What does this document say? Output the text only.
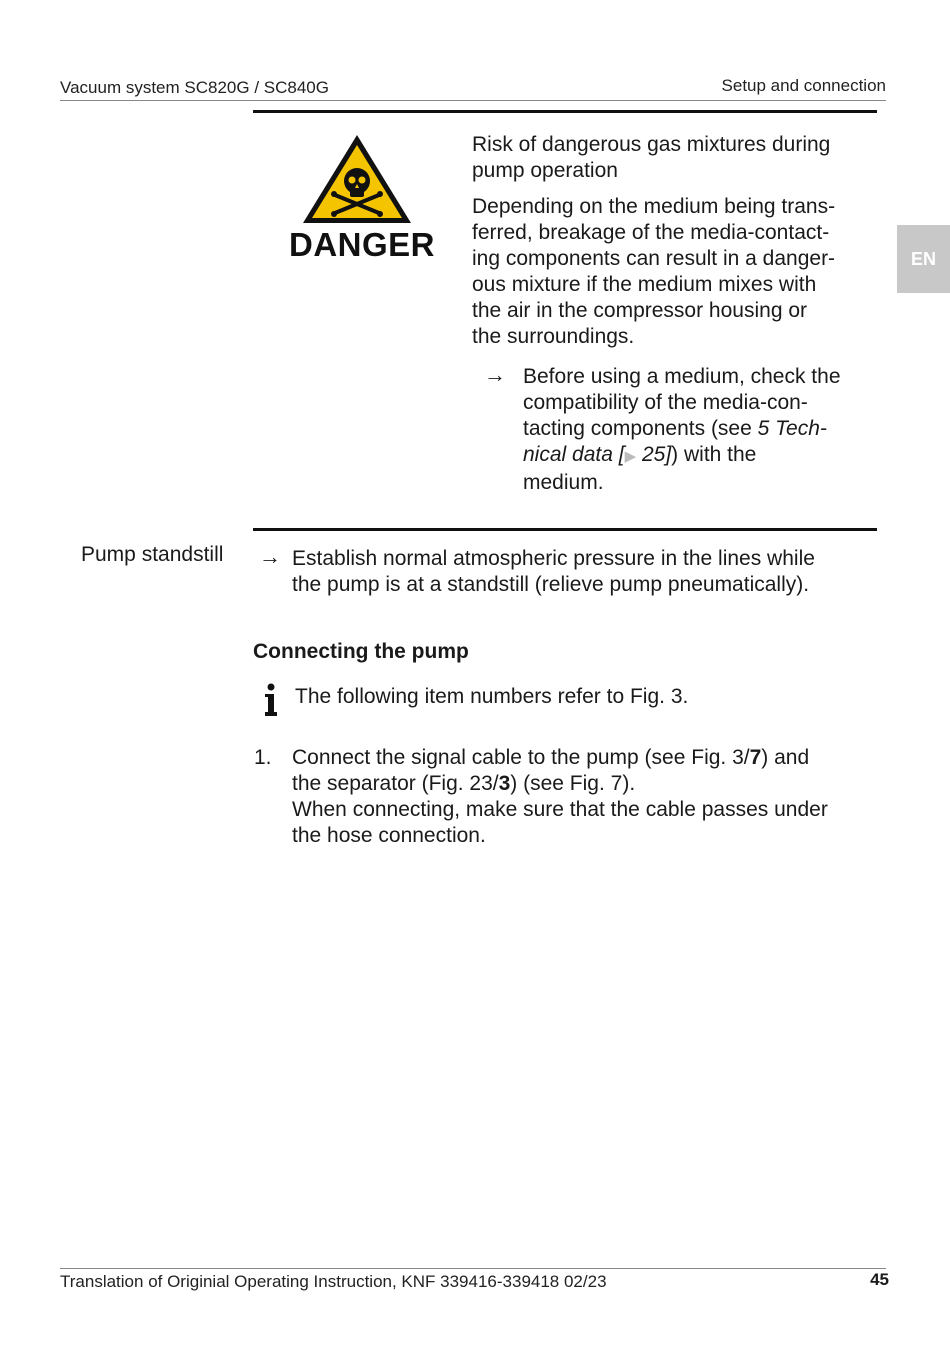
Vacuum system SC820G / SC840G	Setup and connection
EN
DANGER
Risk of dangerous gas mixtures during
pump operation
Depending on the medium being trans-
ferred, breakage of the media-contact-
ing components can result in a danger-
ous mixture if the medium mixes with
the air in the compressor housing or
the surroundings.
→ Before using a medium, check the
compatibility of the media-con-
tacting components (see 5 Tech-
nical data [▶ 25]) with the
medium.
Pump standstill → Establish normal atmospheric pressure in the lines while
the pump is at a standstill (relieve pump pneumatically).
Connecting the pump
The following item numbers refer to Fig. 3.
1. Connect the signal cable to the pump (see Fig. 3/7) and
the separator (Fig. 23/3) (see Fig. 7).
When connecting, make sure that the cable passes under
the hose connection.
Translation of Originial Operating Instruction, KNF 339416-339418 02/23	45
